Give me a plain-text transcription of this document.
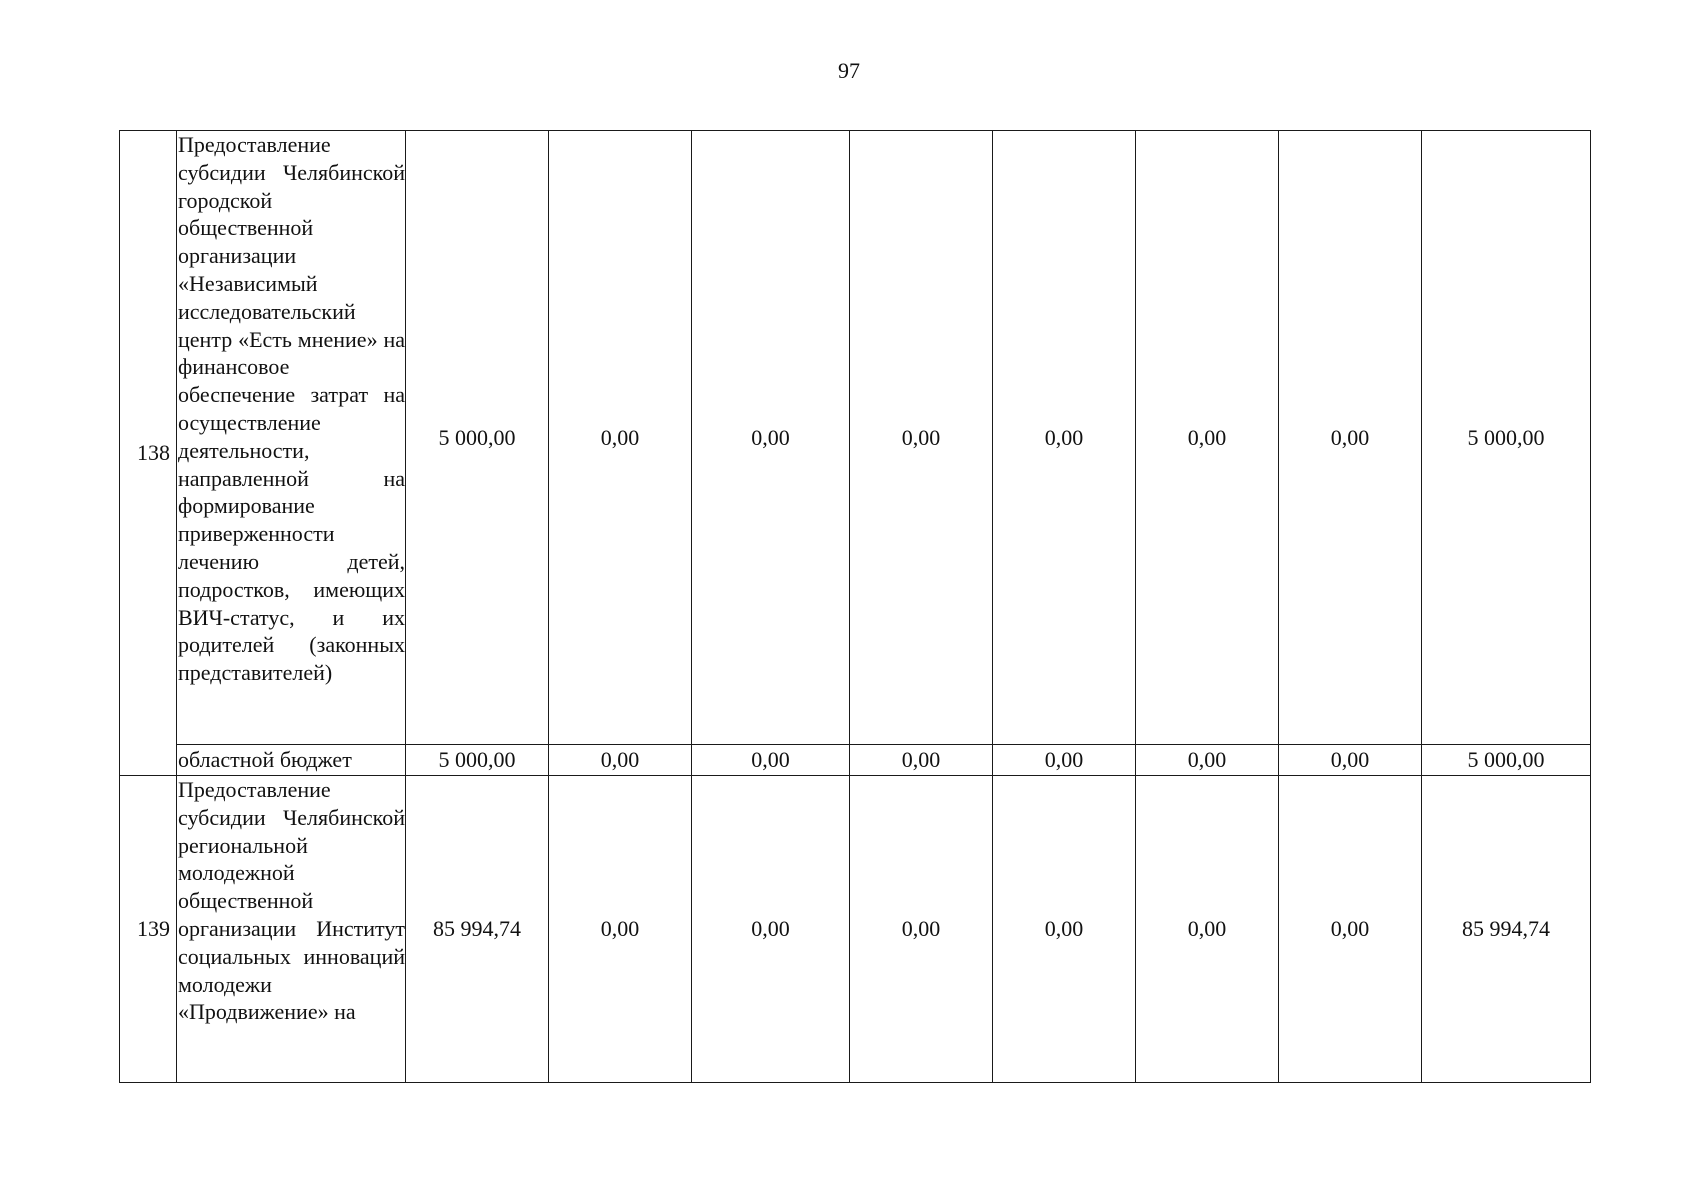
97
138	Предоставление субсидии Челябинской городской общественной организации «Независимый исследовательский центр «Есть мнение» на финансовое обеспечение затрат на осуществление деятельности, направленной на формирование приверженности лечению детей, подростков, имеющих ВИЧ-статус, и их родителей (законных представителей)	5 000,00	0,00	0,00	0,00	0,00	0,00	0,00	5 000,00
	областной бюджет	5 000,00	0,00	0,00	0,00	0,00	0,00	0,00	5 000,00
139	Предоставление субсидии Челябинской региональной молодежной общественной организации Институт социальных инноваций молодежи «Продвижение» на	85 994,74	0,00	0,00	0,00	0,00	0,00	0,00	85 994,74
